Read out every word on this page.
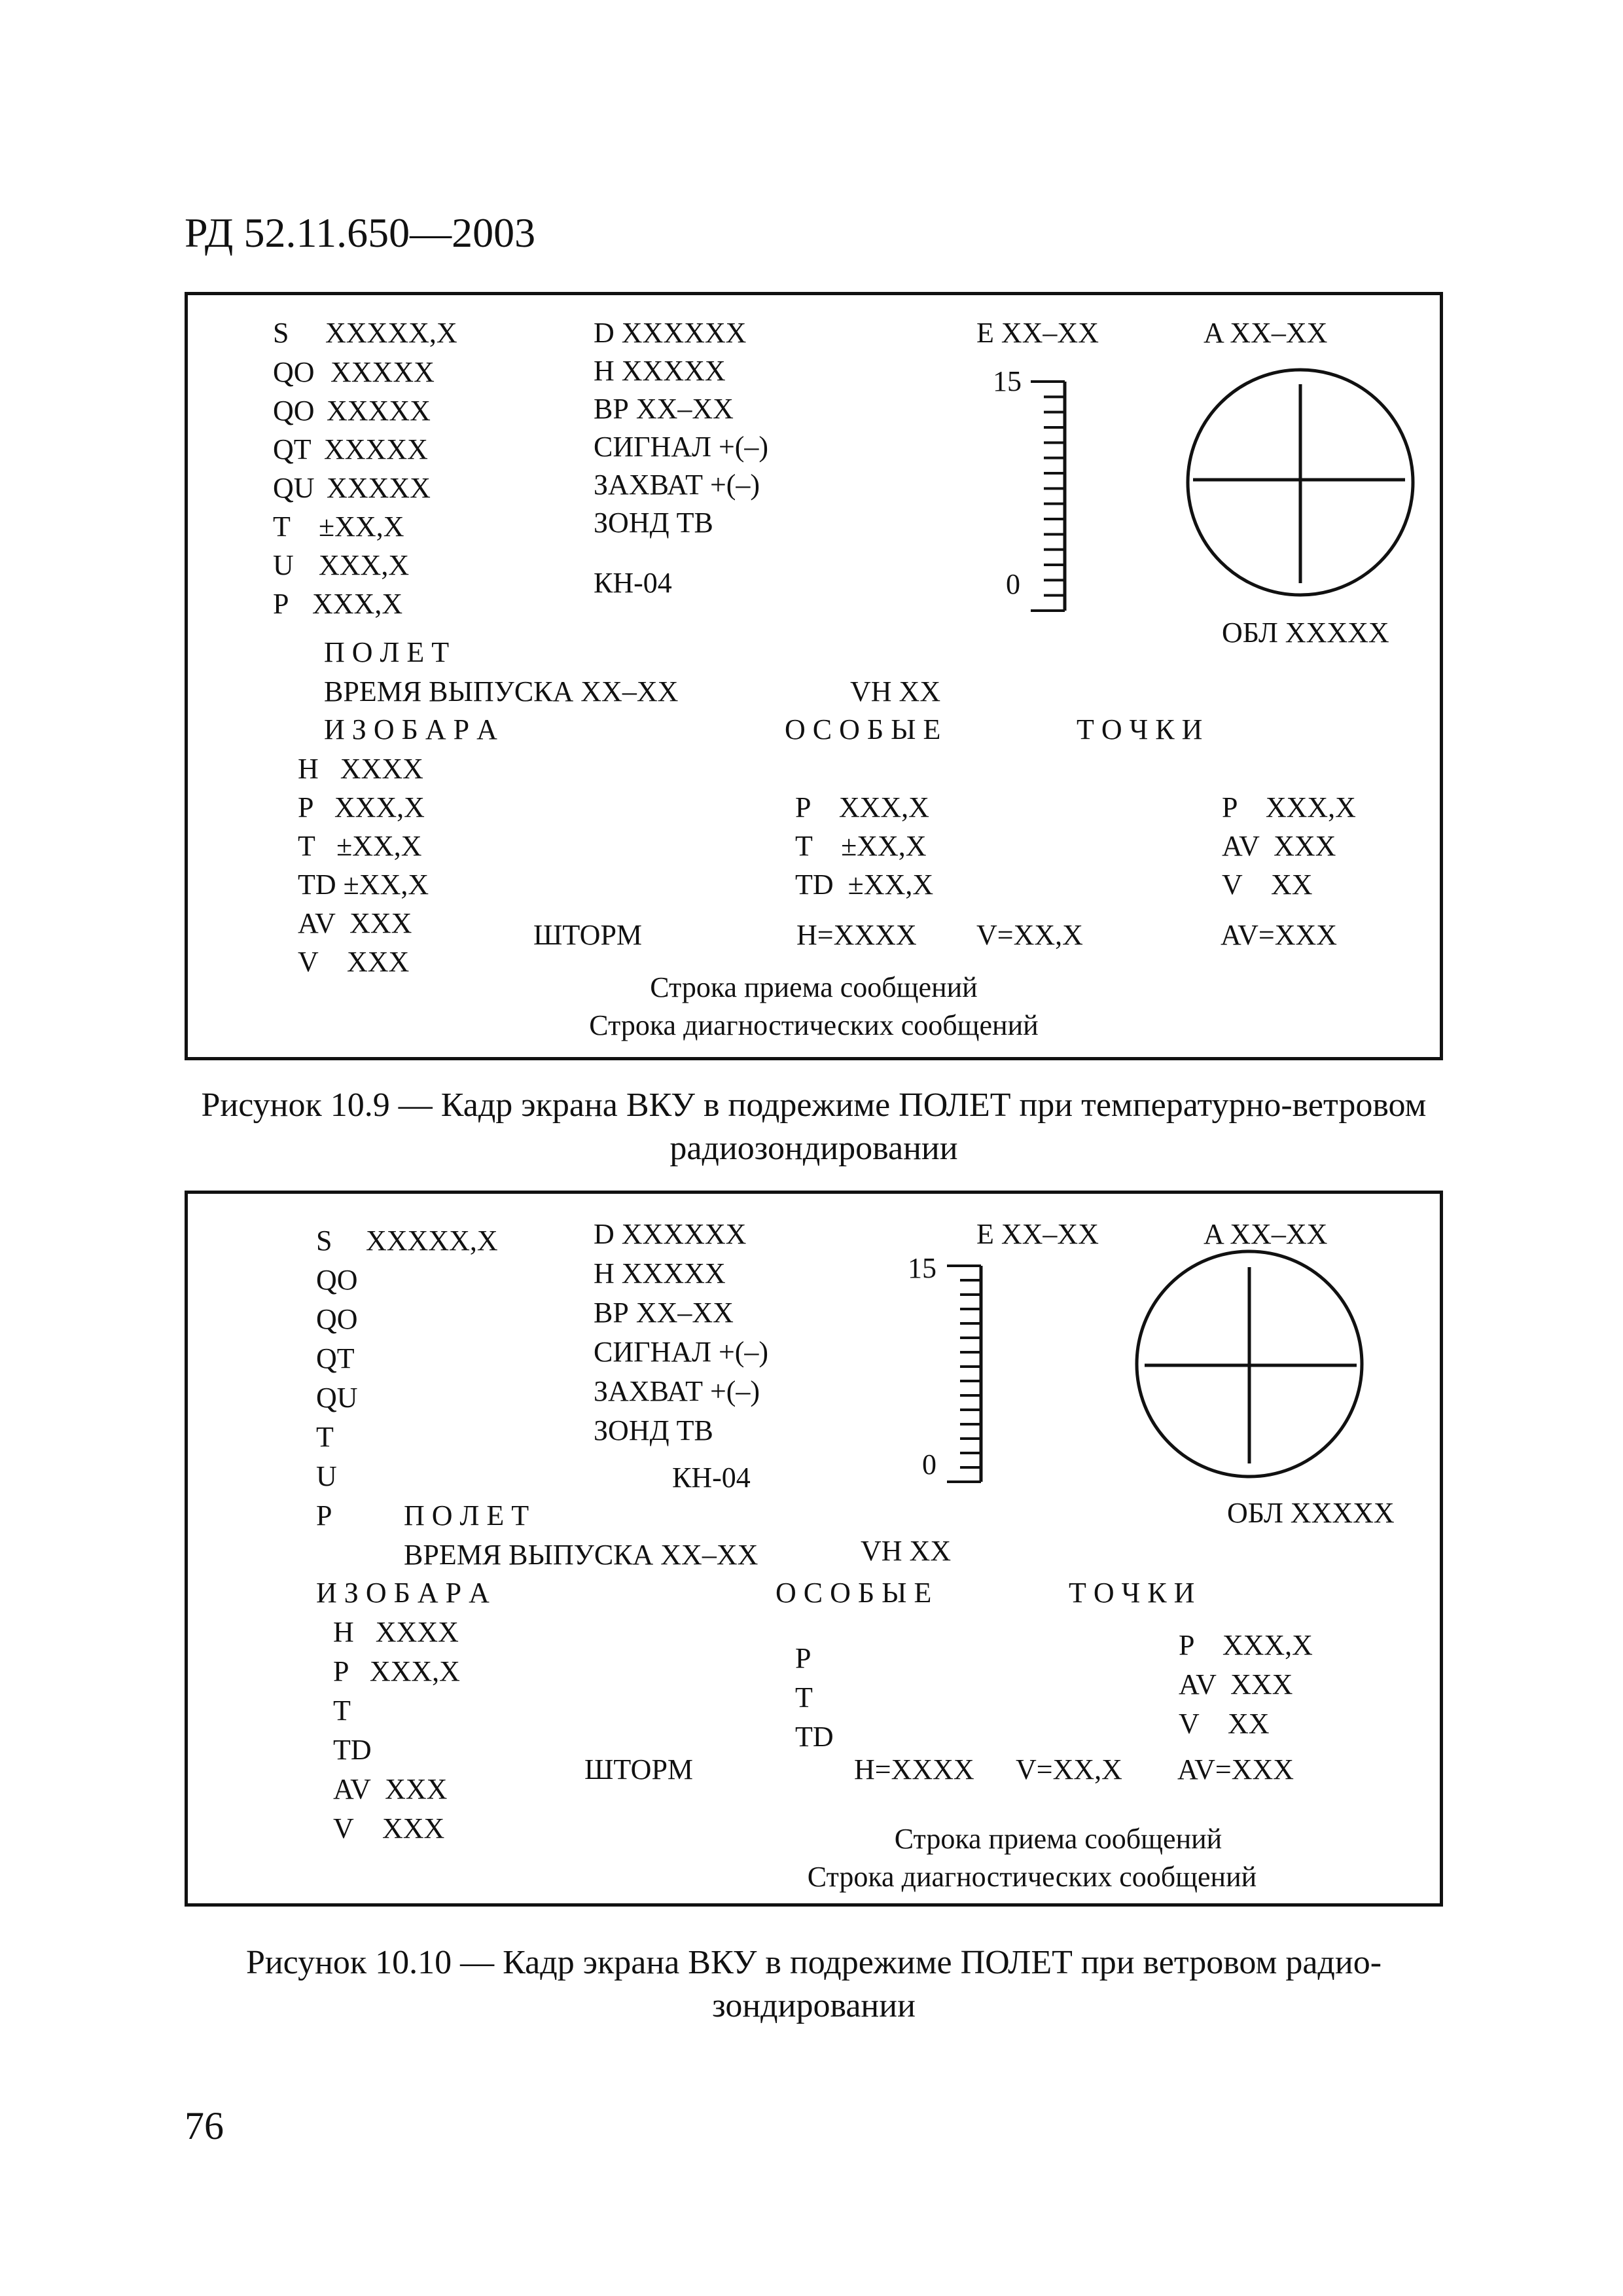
РД 52.11.650—2003
S XXXXX,X
QO XXXXX
QO XXXXX
QT XXXXX
QU XXXXX
T ±XX,X
U XXX,X
P XXX,X
D XXXXXX
H XXXXX
ВР XX–XX
СИГНАЛ +(–)
ЗАХВАТ +(–)
ЗОНД ТВ
КН-04
E XX–XX	A XX–XX
15
0
ОБЛ XXXXX
П О Л Е Т
ВРЕМЯ ВЫПУСКА XX–XX	VH XX
И З О Б А Р А	О С О Б Ы Е	Т О Ч К И
H   XXXX
P   XXX,X
T   ±XX,X
TD ±XX,X
AV  XXX
V    XXX
P    XXX,X
T    ±XX,X
TD  ±XX,X
P    XXX,X
AV  XXX
V    XX
ШТОРМ	H=XXXX V=XX,X	AV=XXX
Строка приема сообщений
Строка диагностических сообщений
Рисунок 10.9 — Кадр экрана ВКУ в подрежиме ПОЛЕТ при температурно-ветровом радиозондировании
S XXXXX,X
QO
QO
QT
QU
T
U
P
D XXXXXX
H XXXXX
ВР XX–XX
СИГНАЛ +(–)
ЗАХВАТ +(–)
ЗОНД ТВ
КН-04
E XX–XX	A XX–XX
15
0
ОБЛ XXXXX
П О Л Е Т
ВРЕМЯ ВЫПУСКА XX–XX	VH XX
И З О Б А Р А	О С О Б Ы Е	Т О Ч К И
H   XXXX
P   XXX,X
T
TD
AV  XXX
V    XXX
P
T
TD
P    XXX,X
AV  XXX
V    XX
ШТОРМ	H=XXXX V=XX,X AV=XXX
Строка приема сообщений
Строка диагностических сообщений
Рисунок 10.10 — Кадр экрана ВКУ в подрежиме ПОЛЕТ при ветровом радиозондировании
76
